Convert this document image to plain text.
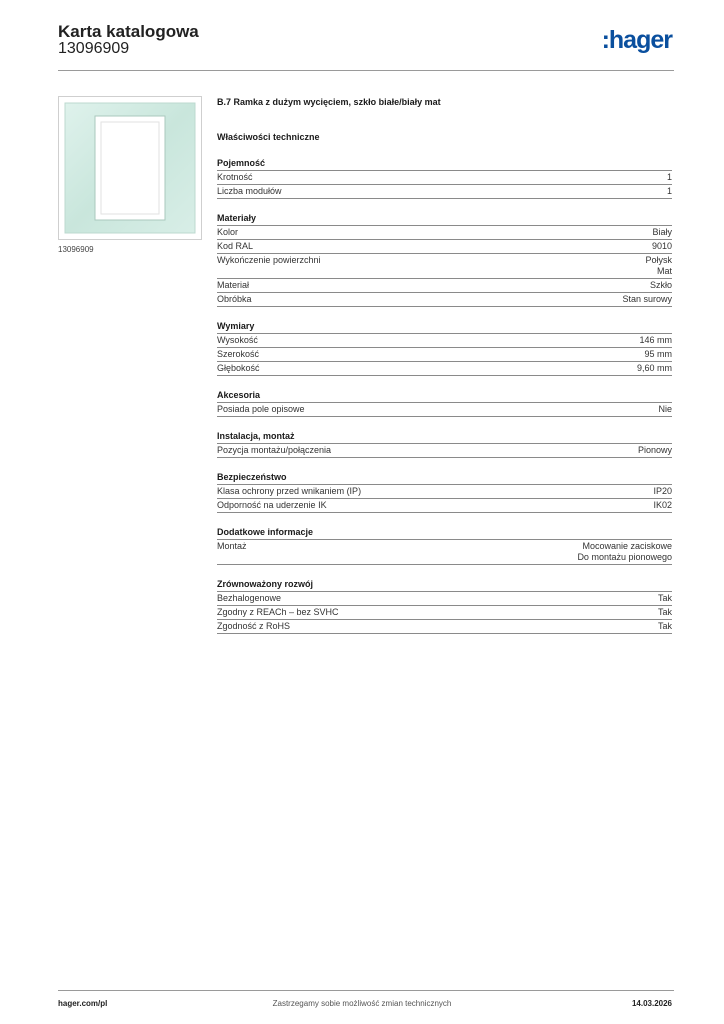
Karta katalogowa
13096909	:hager
13096909

B.7 Ramka z dużym wycięciem, szkło białe/biały mat

Właściwości techniczne

Pojemność
Krotność	1
Liczba modułów	1
Materiały
Kolor	Biały
Kod RAL	9010
Wykończenie powierzchni	Połysk
Mat
Materiał	Szkło
Obróbka	Stan surowy
Wymiary
Wysokość	146 mm
Szerokość	95 mm
Głębokość	9,60 mm
Akcesoria
Posiada pole opisowe	Nie
Instalacja, montaż
Pozycja montażu/połączenia	Pionowy
Bezpieczeństwo
Klasa ochrony przed wnikaniem (IP)	IP20
Odporność na uderzenie IK	IK02
Dodatkowe informacje
Montaż	Mocowanie zaciskowe
Do montażu pionowego
Zrównoważony rozwój
Bezhalogenowe	Tak
Zgodny z REACh – bez SVHC	Tak
Zgodność z RoHS	Tak
hager.com/pl	Zastrzegamy sobie możliwość zmian technicznych	14.03.2026
